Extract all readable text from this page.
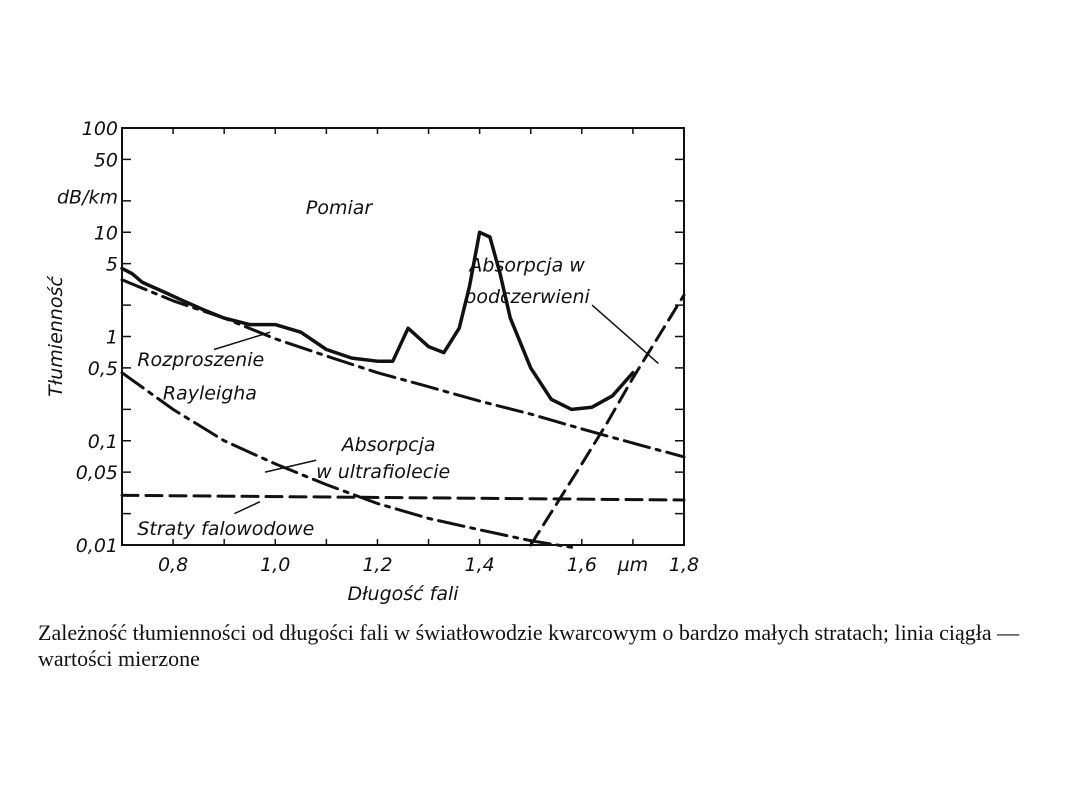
0,8	1,0	1,2	1,4	1,6	1,8
µm
100
50
10
5
1
0,5
0,1
0,05
0,01
dB/km
Długość fali
Tłumienność
Pomiar
Absorpcja w
podczerwieni
Rozproszenie
Rayleigha
Absorpcja
w ultrafiolecie
Straty falowodowe

Zależność tłumienności od długości fali w światłowodzie kwarcowym o bardzo małych stratach; linia ciągła — wartości mierzone
